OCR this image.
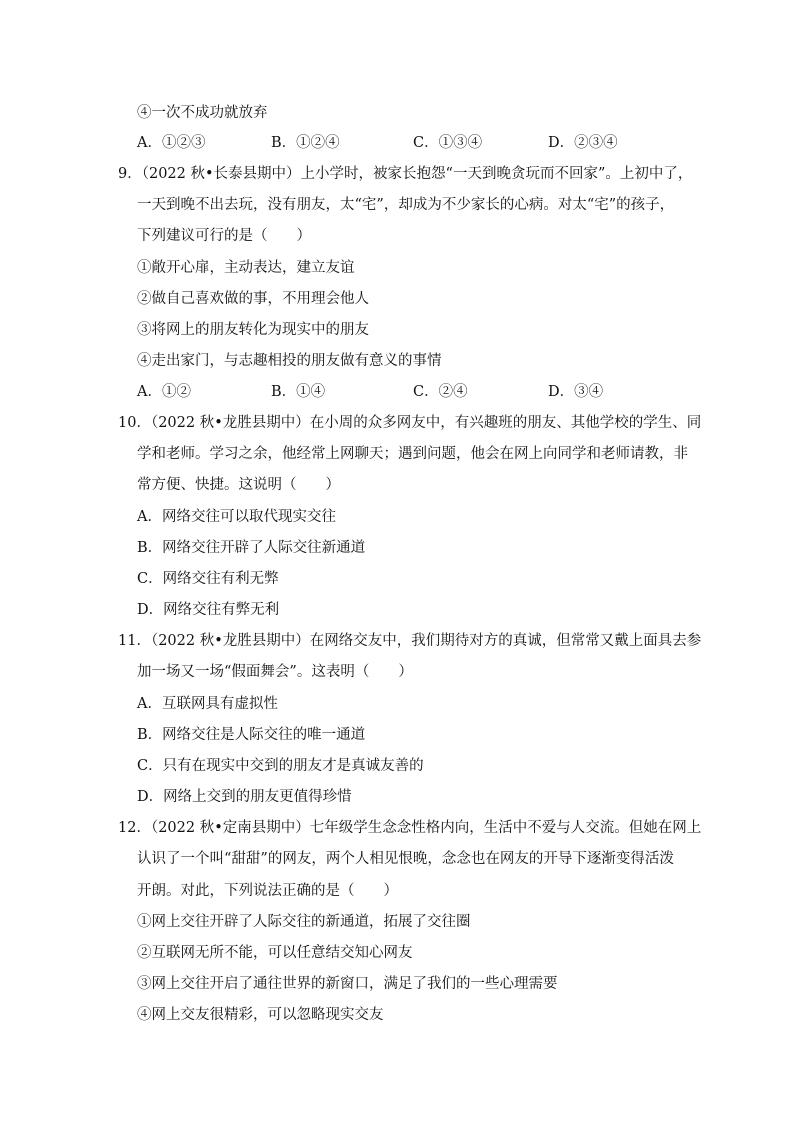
④一次不成功就放弃
A．①②③	B．①②④	C．①③④	D．②③④
9．（2022 秋•长泰县期中）上小学时，被家长抱怨“一天到晚贪玩而不回家”。上初中了，
一天到晚不出去玩，没有朋友，太“宅”，却成为不少家长的心病。对太“宅”的孩子，
下列建议可行的是（　　）
①敞开心扉，主动表达，建立友谊
②做自己喜欢做的事，不用理会他人
③将网上的朋友转化为现实中的朋友
④走出家门，与志趣相投的朋友做有意义的事情
A．①②	B．①④	C．②④	D．③④
10．（2022 秋•龙胜县期中）在小周的众多网友中，有兴趣班的朋友、其他学校的学生、同
学和老师。学习之余，他经常上网聊天；遇到问题，他会在网上向同学和老师请教，非
常方便、快捷。这说明（　　）
A．网络交往可以取代现实交往
B．网络交往开辟了人际交往新通道
C．网络交往有利无弊
D．网络交往有弊无利
11．（2022 秋•龙胜县期中）在网络交友中，我们期待对方的真诚，但常常又戴上面具去参
加一场又一场“假面舞会”。这表明（　　）
A．互联网具有虚拟性
B．网络交往是人际交往的唯一通道
C．只有在现实中交到的朋友才是真诚友善的
D．网络上交到的朋友更值得珍惜
12．（2022 秋•定南县期中）七年级学生念念性格内向，生活中不爱与人交流。但她在网上
认识了一个叫“甜甜”的网友，两个人相见恨晚，念念也在网友的开导下逐渐变得活泼
开朗。对此，下列说法正确的是（　　）
①网上交往开辟了人际交往的新通道，拓展了交往圈
②互联网无所不能，可以任意结交知心网友
③网上交往开启了通往世界的新窗口，满足了我们的一些心理需要
④网上交友很精彩，可以忽略现实交友
